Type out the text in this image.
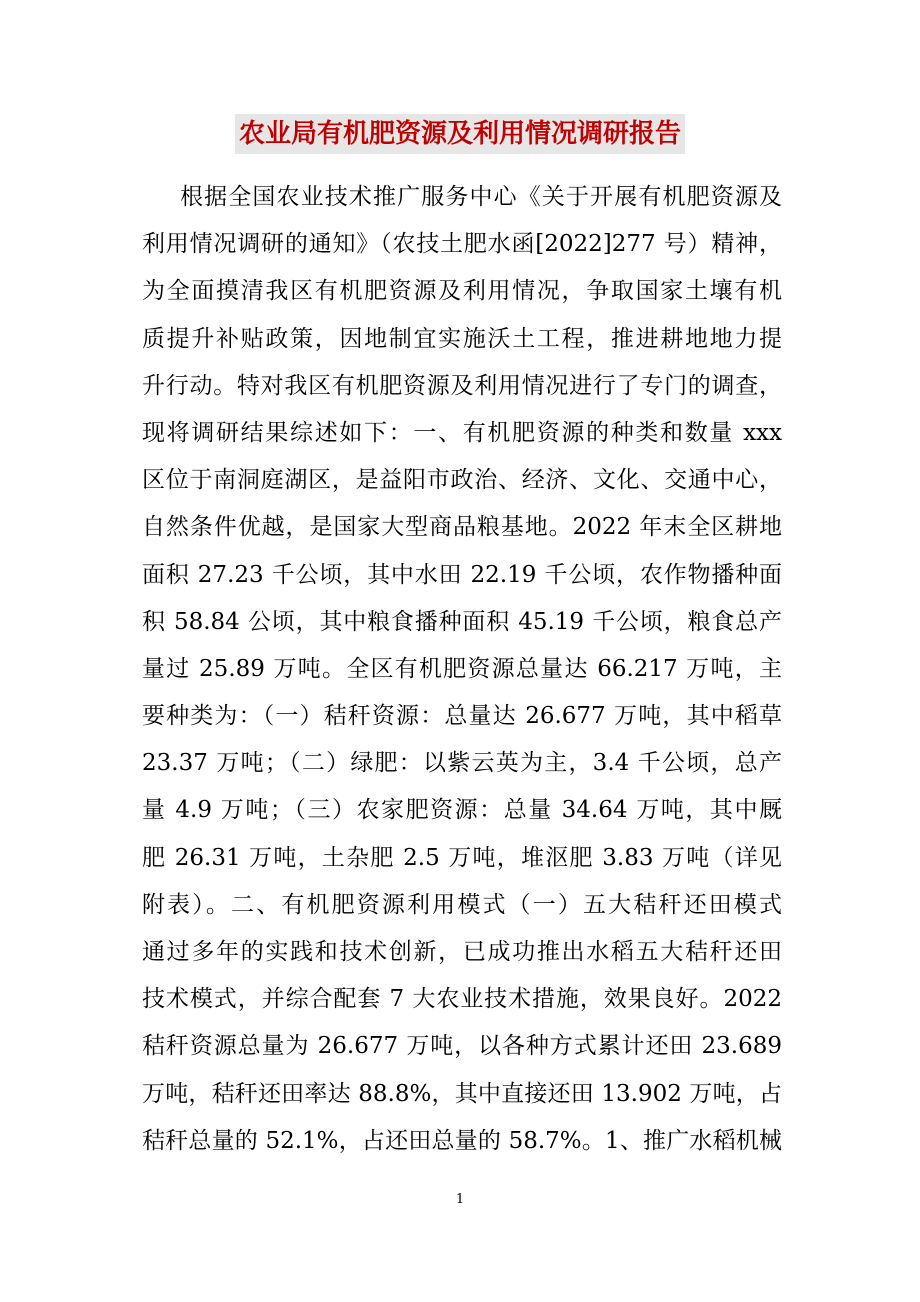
农业局有机肥资源及利用情况调研报告
根据全国农业技术推广服务中心《关于开展有机肥资源及
利用情况调研的通知》（农技土肥水函[2022]277 号）精神，
为全面摸清我区有机肥资源及利用情况，争取国家土壤有机
质提升补贴政策，因地制宜实施沃土工程，推进耕地地力提
升行动。特对我区有机肥资源及利用情况进行了专门的调查，
现将调研结果综述如下：一、有机肥资源的种类和数量 xxx
区位于南洞庭湖区，是益阳市政治、经济、文化、交通中心，
自然条件优越，是国家大型商品粮基地。2022 年末全区耕地
面积 27.23 千公顷，其中水田 22.19 千公顷，农作物播种面
积 58.84 公顷，其中粮食播种面积 45.19 千公顷，粮食总产
量过 25.89 万吨。全区有机肥资源总量达 66.217 万吨，主
要种类为：（一）秸秆资源：总量达 26.677 万吨，其中稻草
23.37 万吨；（二）绿肥：以紫云英为主，3.4 千公顷，总产
量 4.9 万吨；（三）农家肥资源：总量 34.64 万吨，其中厩
肥 26.31 万吨，土杂肥 2.5 万吨，堆沤肥 3.83 万吨（详见
附表）。二、有机肥资源利用模式（一）五大秸秆还田模式
通过多年的实践和技术创新，已成功推出水稻五大秸秆还田
技术模式，并综合配套 7 大农业技术措施，效果良好。2022
秸秆资源总量为 26.677 万吨，以各种方式累计还田 23.689
万吨，秸秆还田率达 88.8%，其中直接还田 13.902 万吨，占
秸秆总量的 52.1%，占还田总量的 58.7%。1、推广水稻机械
1
